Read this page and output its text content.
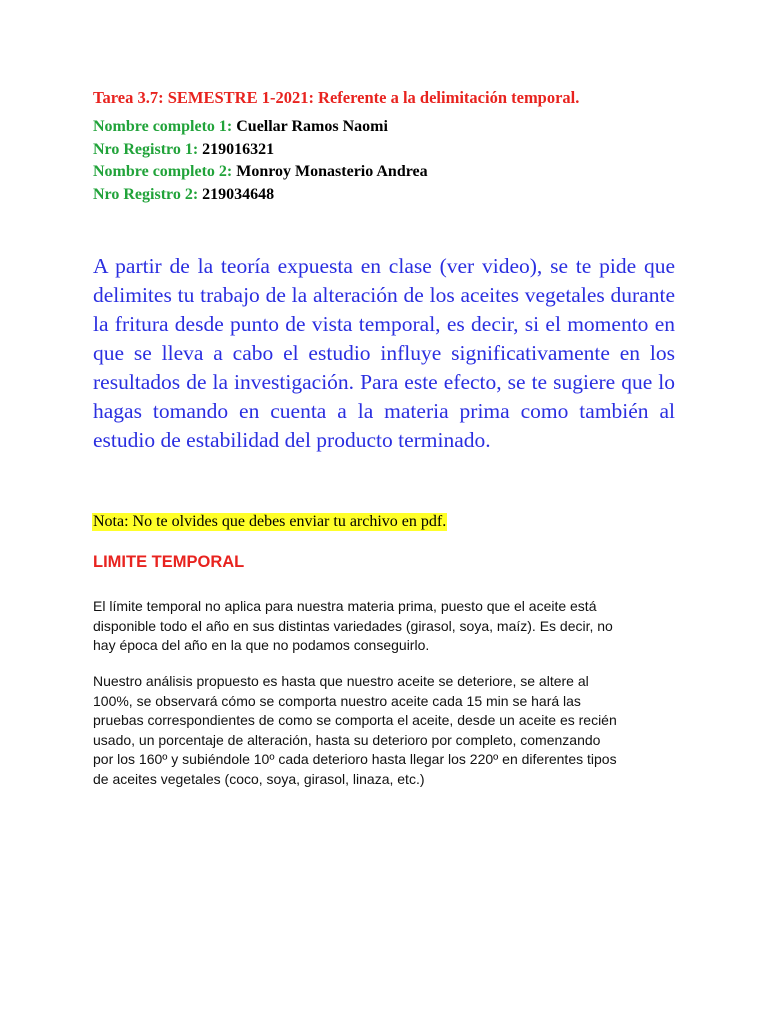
Tarea 3.7: SEMESTRE 1-2021: Referente a la delimitación temporal.
Nombre completo 1: Cuellar Ramos Naomi
Nro Registro 1: 219016321
Nombre completo 2: Monroy Monasterio Andrea
Nro Registro 2: 219034648
A partir de la teoría expuesta en clase (ver video), se te pide que delimites tu trabajo de la alteración de los aceites vegetales durante la fritura desde punto de vista temporal, es decir, si el momento en que se lleva a cabo el estudio influye significativamente en los resultados de la investigación. Para este efecto, se te sugiere que lo hagas tomando en cuenta a la materia prima como también al estudio de estabilidad del producto terminado.
Nota: No te olvides que debes enviar tu archivo en pdf.
LIMITE TEMPORAL
El límite temporal no aplica para nuestra materia prima, puesto que el aceite está
disponible todo el año en sus distintas variedades (girasol, soya, maíz). Es decir, no
hay época del año en la que no podamos conseguirlo.
Nuestro análisis propuesto es hasta que nuestro aceite se deteriore, se altere al
100%, se observará cómo se comporta nuestro aceite cada 15 min se hará las
pruebas correspondientes de como se comporta el aceite, desde un aceite es recién
usado, un porcentaje de alteración, hasta su deterioro por completo, comenzando
por los 160º y subiéndole 10º cada deterioro hasta llegar los 220º en diferentes tipos
de aceites vegetales (coco, soya, girasol, linaza, etc.)
